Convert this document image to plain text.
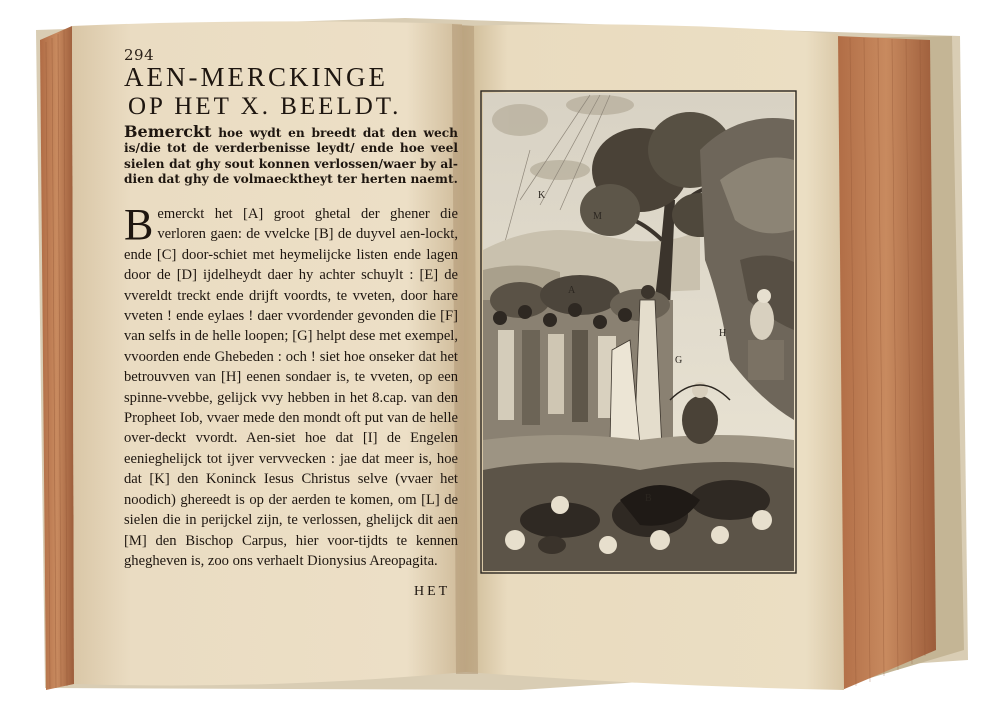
294
AEN-MERCKINGE
OP HET X. BEELDT.

Bemerckt hoe wydt en breedt dat den wech is/die tot de verderbenisse leydt/ ende hoe veel sielen dat ghy sout konnen verlossen/waer by al-dien dat ghy de volmaecktheyt ter herten naemt.

Bemerckt het [A] groot ghetal der ghener die verloren gaen: de vvelcke [B] de duyvel aen-lockt, ende [C] door-schiet met heymelijcke listen ende lagen door de [D] ijdelheydt daer hy achter schuylt : [E] de vvereldt treckt ende drijft voordts, te vveten, door hare vveten ! ende eylaes ! daer vvordender gevonden die [F] van selfs in de helle loopen; [G] helpt dese met exempel, vvoorden ende Ghebeden : och ! siet hoe onseker dat het betrouvven van [H] eenen sondaer is, te vveten, op een spinne-vvebbe, gelijck vvy hebben in het 8.cap. van den Propheet Iob, vvaer mede den mondt oft put van de helle over-deckt vvordt. Aen-siet hoe dat [I] de Engelen eenieghelijck tot ijver vervvecken : jae dat meer is, hoe dat [K] den Koninck Iesus Christus selve (vvaer het noodich) ghereedt is op der aerden te komen, om [L] de sielen die in perijckel zijn, te verlossen, ghelijck dit aen [M] den Bischop Carpus, hier voor-tijdts te kennen ghegheven is, zoo ons verhaelt Dionysius Areopagita.

HET
K
M
A
G
H
B
